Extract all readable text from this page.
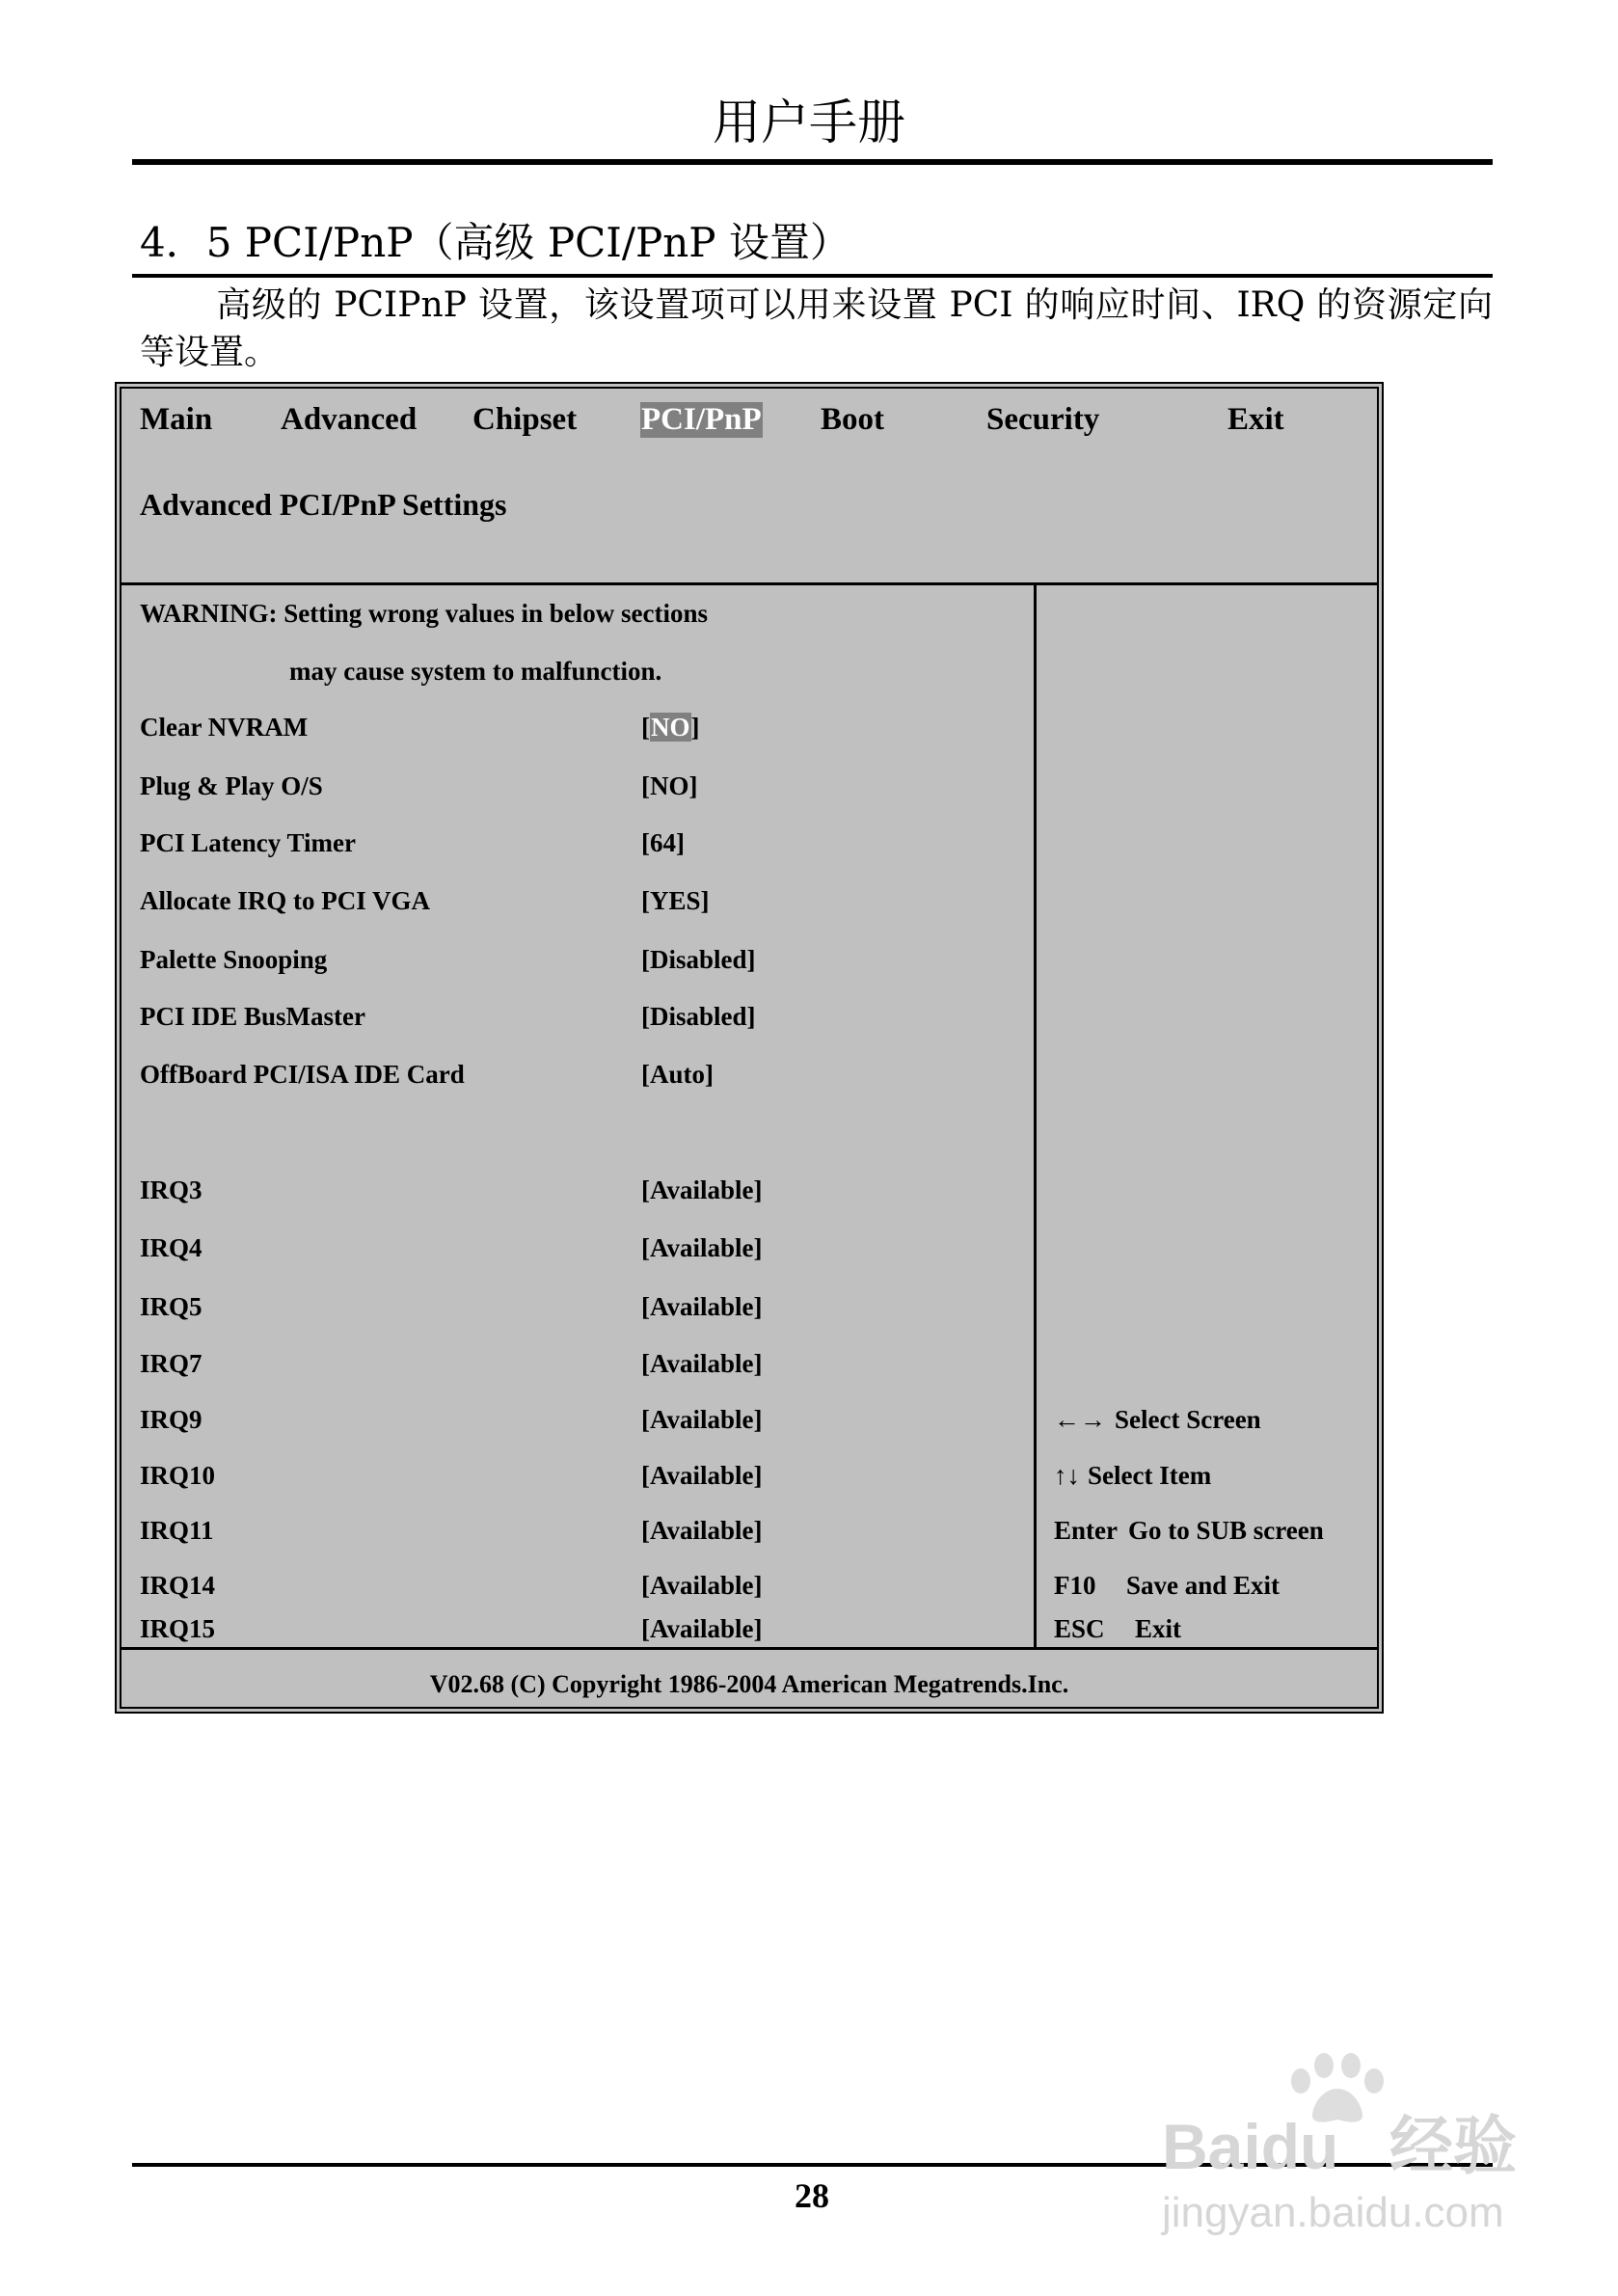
用户手册
4．5 PCI/PnP（高级 PCI/PnP 设置）

高级的 PCIPnP 设置，该设置项可以用来设置 PCI 的响应时间、IRQ 的资源定向等设置。

Main Advanced Chipset PCI/PnP Boot	Security	Exit
Advanced PCI/PnP Settings
WARNING: Setting wrong values in below sections
may cause system to malfunction.
Clear NVRAM	[NO]
Plug & Play O/S	[NO]
PCI Latency Timer	[64]
Allocate IRQ to PCI VGA	[YES]
Palette Snooping	[Disabled]
PCI IDE BusMaster	[Disabled]
OffBoard PCI/ISA IDE Card	[Auto]
IRQ3	[Available]
IRQ4	[Available]
IRQ5	[Available]
IRQ7	[Available]
IRQ9	[Available]
IRQ10	[Available]
IRQ11	[Available]
IRQ14	[Available]
IRQ15	[Available]
←→ Select Screen
↑↓ Select Item
Enter Go to SUB screen
F10 Save and Exit
ESC Exit
V02.68 (C) Copyright 1986-2004 American Megatrends.Inc.
28
Baidu 经验
jingyan.baidu.com
